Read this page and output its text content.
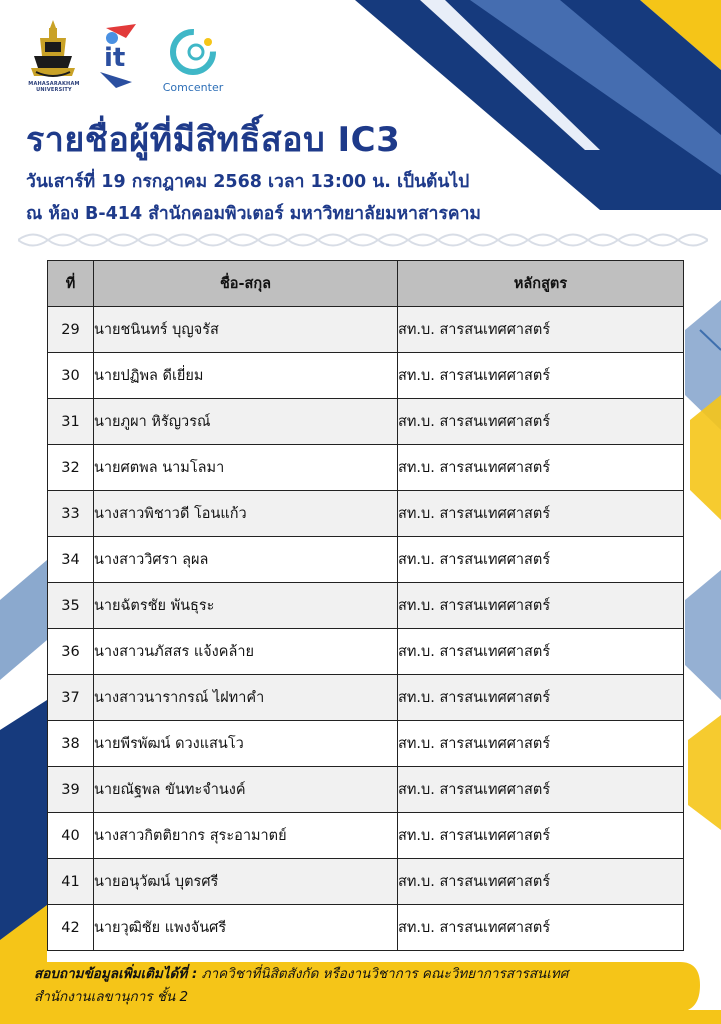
MAHASARAKHAM UNIVERSITY
it
Comcenter
รายชื่อผู้ที่มีสิทธิ์สอบ IC3
วันเสาร์ที่ 19 กรกฎาคม 2568 เวลา 13:00 น. เป็นต้นไป
ณ ห้อง B-414 สำนักคอมพิวเตอร์ มหาวิทยาลัยมหาสารคาม
ที่	ชื่อ-สกุล	หลักสูตร
29	นายชนินทร์ บุญจรัส	สท.บ. สารสนเทศศาสตร์
30	นายปฏิพล ดีเยี่ยม	สท.บ. สารสนเทศศาสตร์
31	นายภูผา หิรัญวรณ์	สท.บ. สารสนเทศศาสตร์
32	นายศตพล นามโลมา	สท.บ. สารสนเทศศาสตร์
33	นางสาวพิชาวดี โอนแก้ว	สท.บ. สารสนเทศศาสตร์
34	นางสาววิศรา ลุผล	สท.บ. สารสนเทศศาสตร์
35	นายฉัตรชัย พันธุระ	สท.บ. สารสนเทศศาสตร์
36	นางสาวนภัสสร แจ้งคล้าย	สท.บ. สารสนเทศศาสตร์
37	นางสาวนารากรณ์ ไฝทาคำ	สท.บ. สารสนเทศศาสตร์
38	นายพีรพัฒน์ ดวงแสนโว	สท.บ. สารสนเทศศาสตร์
39	นายณัฐพล ขันทะจำนงค์	สท.บ. สารสนเทศศาสตร์
40	นางสาวกิตติยากร สุระอามาตย์	สท.บ. สารสนเทศศาสตร์
41	นายอนุวัฒน์ บุตรศรี	สท.บ. สารสนเทศศาสตร์
42	นายวุฒิชัย แพงจันศรี	สท.บ. สารสนเทศศาสตร์
สอบถามข้อมูลเพิ่มเติมได้ที่ : ภาควิชาที่นิสิตสังกัด หรืองานวิชาการ คณะวิทยาการสารสนเทศ
สำนักงานเลขานุการ ชั้น 2
